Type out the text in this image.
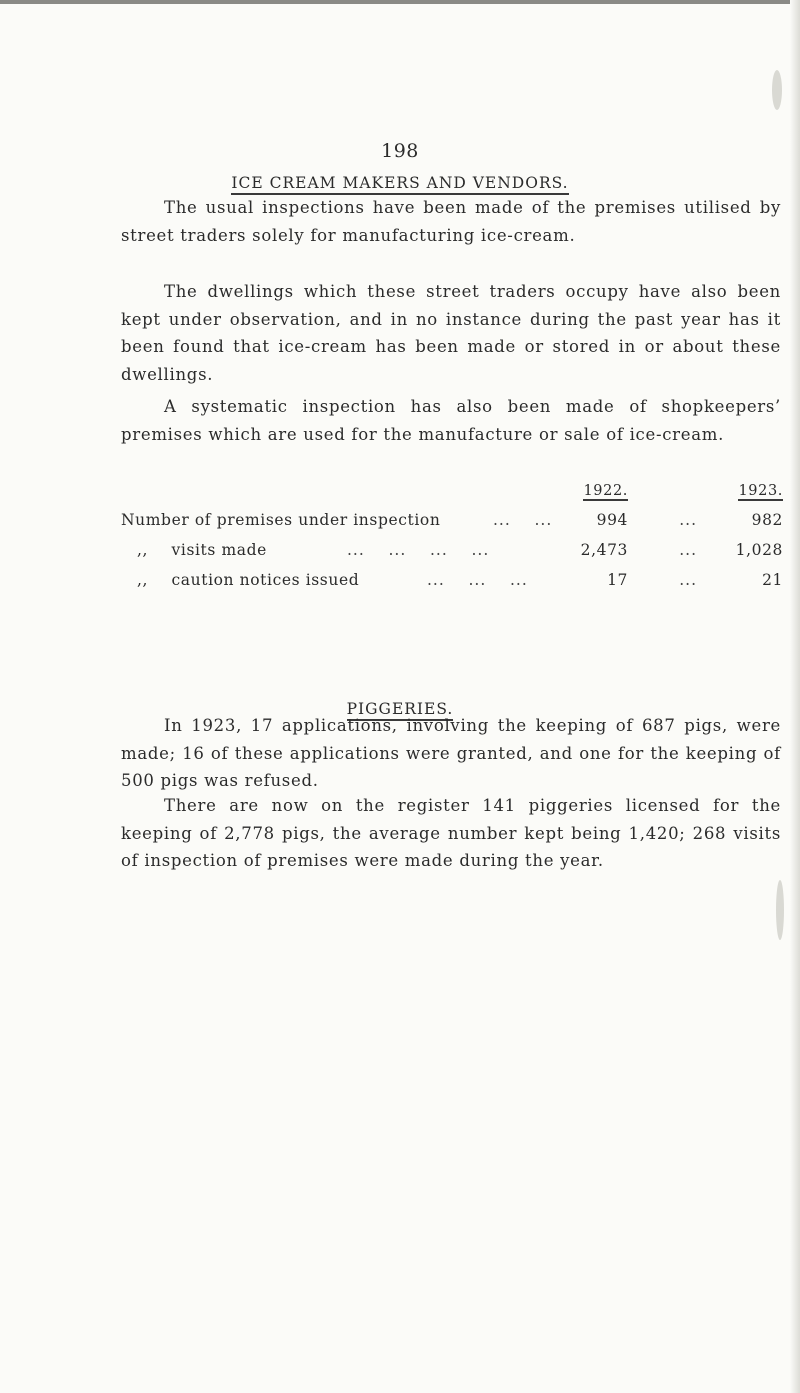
198
ICE CREAM MAKERS AND VENDORS.

The usual inspections have been made of the premises utilised by street traders solely for manufacturing ice-cream.

The dwellings which these street traders occupy have also been kept under observation, and in no instance during the past year has it been found that ice-cream has been made or stored in or about these dwellings.

A systematic inspection has also been made of shopkeepers’ premises which are used for the manufacture or sale of ice-cream.

1922.	1923.
Number of premises under inspection	...    ...	994	...	982
,, visits made	...    ...    ...    ...	2,473	... 1,028
,, caution notices issued	...    ...    ...	17	...	21
PIGGERIES.

In 1923, 17 applications, involving the keeping of 687 pigs, were made; 16 of these applications were granted, and one for the keeping of 500 pigs was refused.

There are now on the register 141 piggeries licensed for the keeping of 2,778 pigs, the average number kept being 1,420; 268 visits of inspection of premises were made during the year.
